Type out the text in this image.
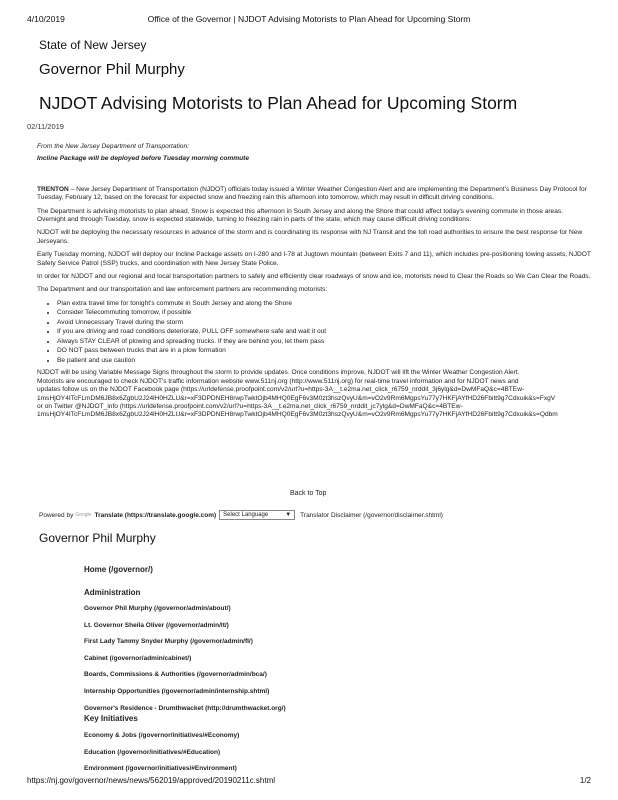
4/10/2019	Office of the Governor | NJDOT Advising Motorists to Plan Ahead for Upcoming Storm
State of New Jersey
Governor Phil Murphy
NJDOT Advising Motorists to Plan Ahead for Upcoming Storm
02/11/2019

From the New Jersey Department of Transportation:

Incline Package will be deployed before Tuesday morning commute

TRENTON – New Jersey Department of Transportation (NJDOT) officials today issued a Winter Weather Congestion Alert and are implementing the Department's Business Day Protocol for Tuesday, February 12, based on the forecast for expected snow and freezing rain this afternoon into tomorrow, which may result in difficult driving conditions.

The Department is advising motorists to plan ahead. Snow is expected this afternoon in South Jersey and along the Shore that could affect today's evening commute in those areas. Overnight and through Tuesday, snow is expected statewide, turning to freezing rain in parts of the state, which may cause difficult driving conditions.

NJDOT will be deploying the necessary resources in advance of the storm and is coordinating its response with NJ Transit and the toll road authorities to ensure the best response for New Jerseyans.

Early Tuesday morning, NJDOT will deploy our Incline Package assets on I-280 and I-78 at Jugtown mountain (between Exits 7 and 11), which includes pre-positioning towing assets, NJDOT Safety Service Patrol (SSP) trucks, and coordination with New Jersey State Police.

In order for NJDOT and our regional and local transportation partners to safely and efficiently clear roadways of snow and ice, motorists need to Clear the Roads so We Can Clear the Roads.

The Department and our transportation and law enforcement partners are recommending motorists:

• Plan extra travel time for tonight's commute in South Jersey and along the Shore
• Consider Telecommuting tomorrow, if possible
• Avoid Unnecessary Travel during the storm
• If you are driving and road conditions deteriorate, PULL OFF somewhere safe and wait it out
• Always STAY CLEAR of plowing and spreading trucks. If they are behind you, let them pass
• DO NOT pass between trucks that are in a plow formation
• Be patient and use caution
NJDOT will be using Variable Message Signs throughout the storm to provide updates. Once conditions improve, NJDOT will lift the Winter Weather Congestion Alert.
Motorists are encouraged to check NJDOT's traffic information website www.511nj.org (http://www.511nj.org) for real-time travel information and for NJDOT news and
updates follow us on the NJDOT Facebook page (https://urldefense.proofpoint.com/v2/url?u=https-3A__t.e2ma.net_click_r6759_nrddit_3j6ylg&d=DwMFaQ&c=4BTEw-
1msHjOY4ITcFLmDM6JB8x6ZgbU2J24lH0HZLU&r=xF3DPDNEH8rwpTwktOjb4MHQ0EgF6v3M0zt3hszQvyU&m=vO2v9Rm6MgpsYu77y7HKFjAYfHD26Fbitt9g7Cdxuik&s=FxgV
or on Twitter @NJDOT_info (https://urldefense.proofpoint.com/v2/url?u=https-3A__t.e2ma.net_click_r6759_nrddit_jc7ylg&d=DwMFaQ&c=4BTEw-
1msHjOY4ITcFLmDM6JB8x6ZgbU2J24lH0HZLU&r=xF3DPDNEH8rwpTwktOjb4MHQ0EgF6v3M0zt3hszQvyU&m=vO2v9Rm6MgpsYu77y7HKFjAYfHD26Fbitt9g7Cdxuik&s=Qdbm
Back to Top
Powered by Google Translate (https://translate.google.com) Select Language	▼ Translator Disclaimer (/governor/disclaimer.shtml)
Governor Phil Murphy
Home (/governor/)
Administration
Governor Phil Murphy (/governor/admin/about/)
Lt. Governor Sheila Oliver (/governor/admin/lt/)
First Lady Tammy Snyder Murphy (/governor/admin/fl/)
Cabinet (/governor/admin/cabinet/)
Boards, Commissions & Authorities (/governor/admin/bca/)
Internship Opportunities (/governor/admin/internship.shtml)
Governor's Residence - Drumthwacket (http://drumthwacket.org/)
Key Initiatives
Economy & Jobs (/governor/initiatives/#Economy)
Education (/governor/initiatives/#Education)
Environment (/governor/initiatives/#Environment)
https://nj.gov/governor/news/news/562019/approved/20190211c.shtml	1/2
